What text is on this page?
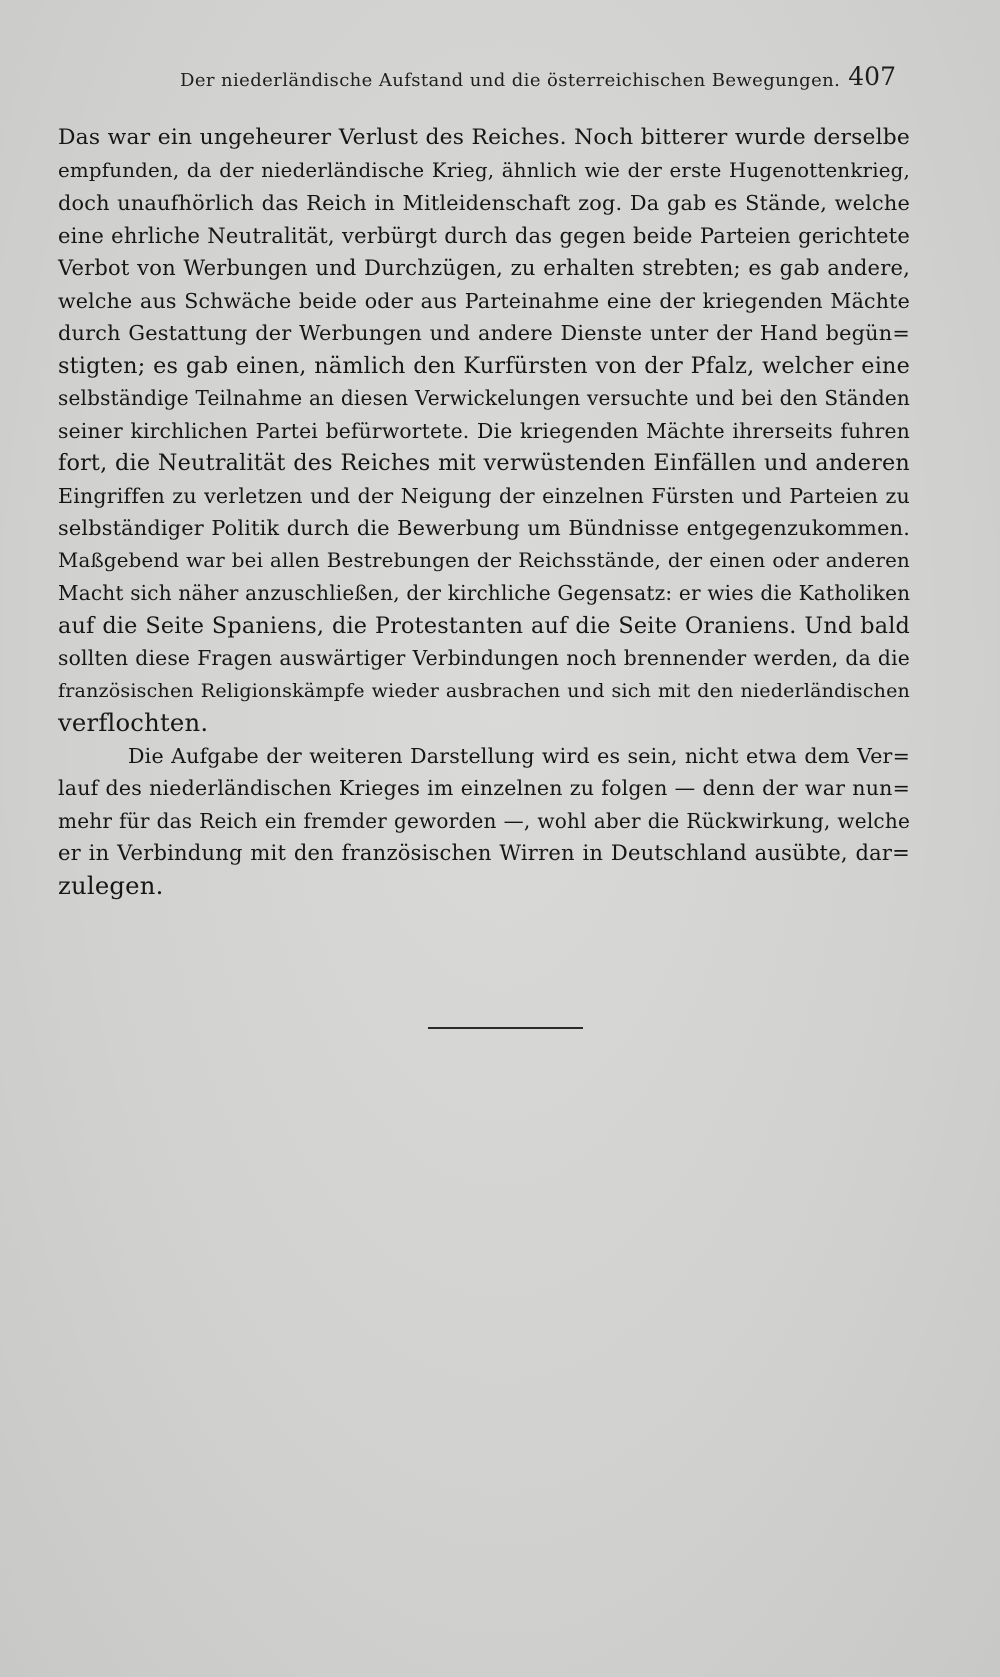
Der niederländische Aufstand und die österreichischen Bewegungen. 407
Das war ein ungeheurer Verlust des Reiches. Noch bitterer wurde derselbe
empfunden, da der niederländische Krieg, ähnlich wie der erste Hugenottenkrieg,
doch unaufhörlich das Reich in Mitleidenschaft zog. Da gab es Stände, welche
eine ehrliche Neutralität, verbürgt durch das gegen beide Parteien gerichtete
Verbot von Werbungen und Durchzügen, zu erhalten strebten; es gab andere,
welche aus Schwäche beide oder aus Parteinahme eine der kriegenden Mächte
durch Gestattung der Werbungen und andere Dienste unter der Hand begün=
stigten; es gab einen, nämlich den Kurfürsten von der Pfalz, welcher eine
selbständige Teilnahme an diesen Verwickelungen versuchte und bei den Ständen
seiner kirchlichen Partei befürwortete. Die kriegenden Mächte ihrerseits fuhren
fort, die Neutralität des Reiches mit verwüstenden Einfällen und anderen
Eingriffen zu verletzen und der Neigung der einzelnen Fürsten und Parteien zu
selbständiger Politik durch die Bewerbung um Bündnisse entgegenzukommen.
Maßgebend war bei allen Bestrebungen der Reichsstände, der einen oder anderen
Macht sich näher anzuschließen, der kirchliche Gegensatz: er wies die Katholiken
auf die Seite Spaniens, die Protestanten auf die Seite Oraniens. Und bald
sollten diese Fragen auswärtiger Verbindungen noch brennender werden, da die
französischen Religionskämpfe wieder ausbrachen und sich mit den niederländischen
verflochten.
Die Aufgabe der weiteren Darstellung wird es sein, nicht etwa dem Ver=
lauf des niederländischen Krieges im einzelnen zu folgen — denn der war nun=
mehr für das Reich ein fremder geworden —, wohl aber die Rückwirkung, welche
er in Verbindung mit den französischen Wirren in Deutschland ausübte, dar=
zulegen.
